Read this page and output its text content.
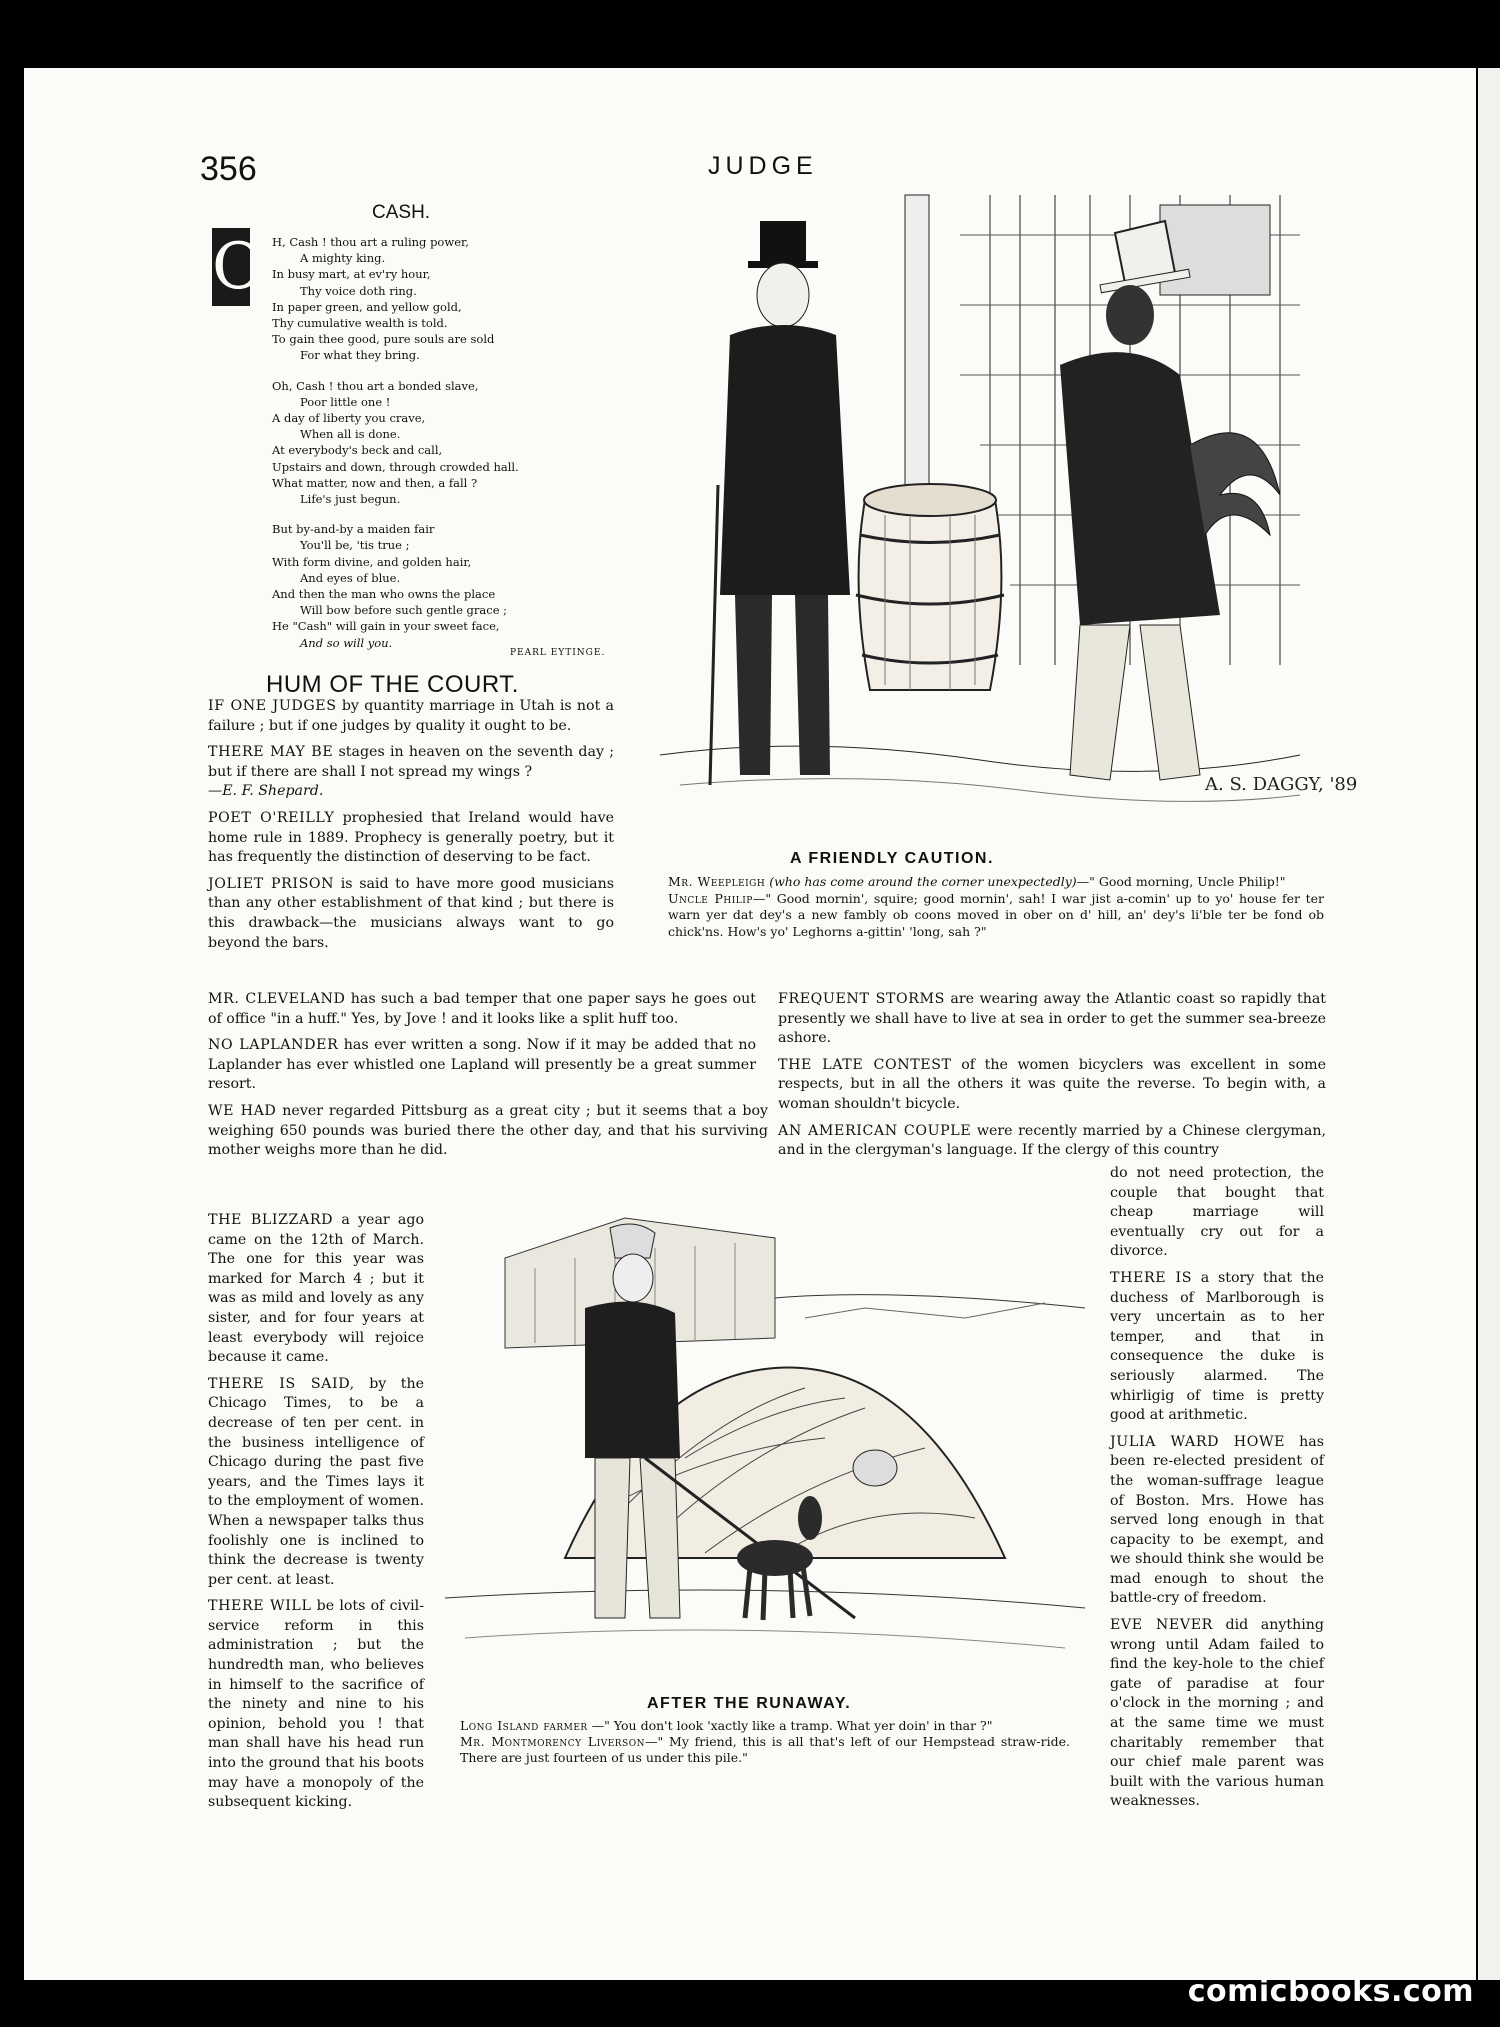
356	JUDGE
CASH.
O H, Cash ! thou art a ruling power,
A mighty king.
In busy mart, at ev'ry hour,
Thy voice doth ring.
In paper green, and yellow gold,
Thy cumulative wealth is told.
To gain thee good, pure souls are sold
For what they bring.
Oh, Cash ! thou art a bonded slave,
Poor little one !
A day of liberty you crave,
When all is done.
At everybody's beck and call,
Upstairs and down, through crowded hall.
What matter, now and then, a fall ?
Life's just begun.
But by-and-by a maiden fair
You'll be, 'tis true ;
With form divine, and golden hair,
And eyes of blue.
And then the man who owns the place
Will bow before such gentle grace ;
He "Cash" will gain in your sweet face,
And so will you.
PEARL EYTINGE.
HUM OF THE COURT.

IF ONE JUDGES by quantity marriage in Utah is not a failure ; but if one judges by quality it ought to be.

THERE MAY BE stages in heaven on the seventh day ; but if there are shall I not spread my wings ?
—E. F. Shepard.

POET O'REILLY prophesied that Ireland would have home rule in 1889. Prophecy is generally poetry, but it has frequently the distinction of deserving to be fact.

JOLIET PRISON is said to have more good musicians than any other establishment of that kind ; but there is this drawback—the musicians always want to go beyond the bars.

A. S. DAGGY, '89
A FRIENDLY CAUTION.

Mr. Weepleigh (who has come around the corner unexpectedly)—" Good morning, Uncle Philip!"

Uncle Philip—" Good mornin', squire; good mornin', sah! I war jist a-comin' up to yo' house fer ter warn yer dat dey's a new fambly ob coons moved in ober on d' hill, an' dey's li'ble ter be fond ob chick'ns. How's yo' Leghorns a-gittin' 'long, sah ?"

MR. CLEVELAND has such a bad temper that one paper says he goes out of office "in a huff." Yes, by Jove ! and it looks like a split huff too.

NO LAPLANDER has ever written a song. Now if it may be added that no Laplander has ever whistled one Lapland will presently be a great summer resort.

WE HAD never regarded Pittsburg as a great city ; but it seems that a boy weighing 650 pounds was buried there the other day, and that his surviving mother weighs more than he did.

FREQUENT STORMS are wearing away the Atlantic coast so rapidly that presently we shall have to live at sea in order to get the summer sea-breeze ashore.

THE LATE CONTEST of the women bicyclers was excellent in some respects, but in all the others it was quite the reverse. To begin with, a woman shouldn't bicycle.

AN AMERICAN COUPLE were recently married by a Chinese clergyman, and in the clergyman's language. If the clergy of this country

THE BLIZZARD a year ago came on the 12th of March. The one for this year was marked for March 4 ; but it was as mild and lovely as any sister, and for four years at least everybody will rejoice because it came.

THERE IS SAID, by the Chicago Times, to be a decrease of ten per cent. in the business intelligence of Chicago during the past five years, and the Times lays it to the employment of women. When a newspaper talks thus foolishly one is inclined to think the decrease is twenty per cent. at least.

THERE WILL be lots of civil-service reform in this administration ; but the hundredth man, who believes in himself to the sacrifice of the ninety and nine to his opinion, behold you ! that man shall have his head run into the ground that his boots may have a monopoly of the subsequent kicking.

do not need protection, the couple that bought that cheap marriage will eventually cry out for a divorce.

THERE IS a story that the duchess of Marlborough is very uncertain as to her temper, and that in consequence the duke is seriously alarmed. The whirligig of time is pretty good at arithmetic.

JULIA WARD HOWE has been re-elected president of the woman-suffrage league of Boston. Mrs. Howe has served long enough in that capacity to be exempt, and we should think she would be mad enough to shout the battle-cry of freedom.

EVE NEVER did anything wrong until Adam failed to find the key-hole to the chief gate of paradise at four o'clock in the morning ; and at the same time we must charitably remember that our chief male parent was built with the various human weaknesses.

AFTER THE RUNAWAY.

Long Island farmer —" You don't look 'xactly like a tramp. What yer doin' in thar ?"

Mr. Montmorency Liverson—" My friend, this is all that's left of our Hempstead straw-ride. There are just fourteen of us under this pile."

comicbooks.com
